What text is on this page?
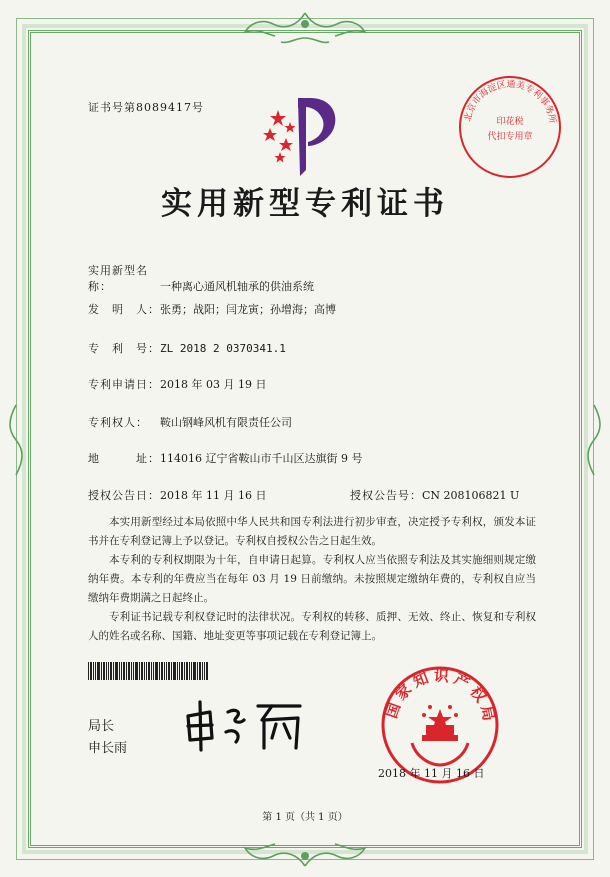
证书号第8089417号
北京市海淀区通美专利事务所
印花税
代扣专用章
实用新型专利证书
实用新型名称：	一种离心通风机轴承的供油系统
发　明　人：张勇；战阳；闫龙寅；孙增海；高博
专　利　号：ZL 2018 2 0370341.1
专利申请日：2018 年 03 月 19 日
专利权人： 鞍山钢峰风机有限责任公司
地　　　址：114016 辽宁省鞍山市千山区达旗街 9 号
授权公告日：2018 年 11 月 16 日	授权公告号：CN 208106821 U
本实用新型经过本局依照中华人民共和国专利法进行初步审查，决定授予专利权，颁发本证书并在专利登记簿上予以登记。专利权自授权公告之日起生效。
本专利的专利权期限为十年，自申请日起算。专利权人应当依照专利法及其实施细则规定缴纳年费。本专利的年费应当在每年 03 月 19 日前缴纳。未按照规定缴纳年费的，专利权自应当缴纳年费期满之日起终止。
专利证书记载专利权登记时的法律状况。专利权的转移、质押、无效、终止、恢复和专利权人的姓名或名称、国籍、地址变更等事项记载在专利登记簿上。
局长
申长雨
国家知识产权局
2018 年 11 月 16 日
第 1 页（共 1 页）
